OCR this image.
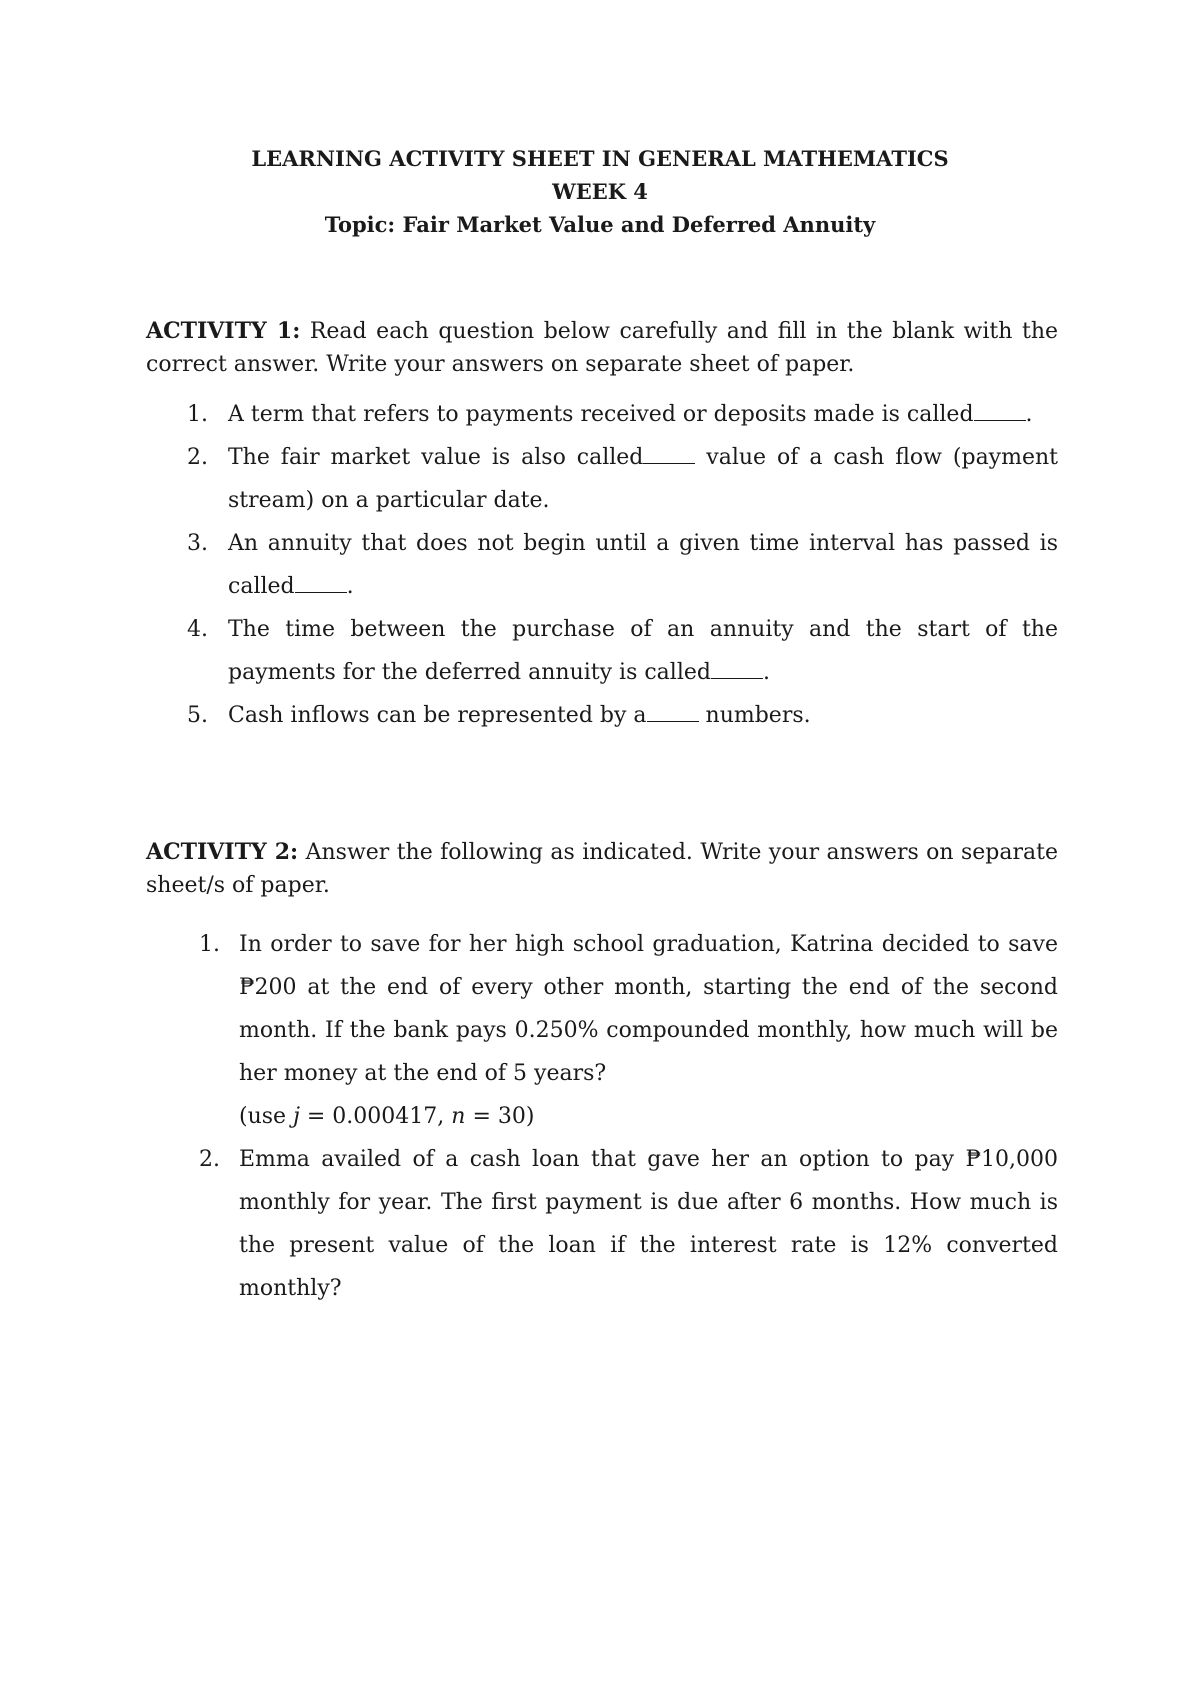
LEARNING ACTIVITY SHEET IN GENERAL MATHEMATICS
WEEK 4
Topic: Fair Market Value and Deferred Annuity

ACTIVITY 1: Read each question below carefully and fill in the blank with the correct answer. Write your answers on separate sheet of paper.

1. A term that refers to payments received or deposits made is called .
2. The fair market value is also called value of a cash flow (payment stream) on a particular date.
3. An annuity that does not begin until a given time interval has passed is called .
4. The time between the purchase of an annuity and the start of the payments for the deferred annuity is called .
5. Cash inflows can be represented by a numbers.

ACTIVITY 2: Answer the following as indicated. Write your answers on separate sheet/s of paper.

1. In order to save for her high school graduation, Katrina decided to save ₱200 at the end of every other month, starting the end of the second month. If the bank pays 0.250% compounded monthly, how much will be her money at the end of 5 years?
(use j = 0.000417, n = 30)
2. Emma availed of a cash loan that gave her an option to pay ₱10,000 monthly for year. The first payment is due after 6 months. How much is the present value of the loan if the interest rate is 12% converted monthly?
